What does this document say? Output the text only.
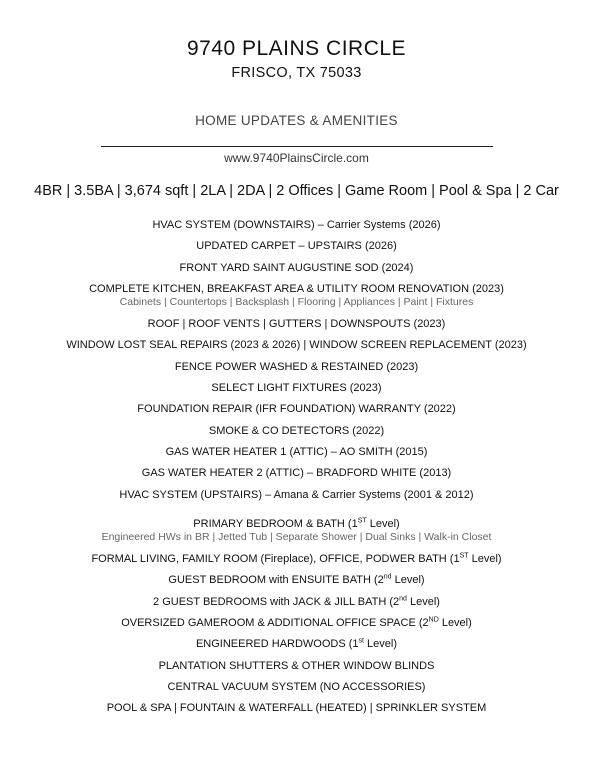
9740 PLAINS CIRCLE
FRISCO, TX 75033
HOME UPDATES & AMENITIES
www.9740PlainsCircle.com
4BR | 3.5BA | 3,674 sqft | 2LA | 2DA | 2 Offices | Game Room | Pool & Spa | 2 Car
HVAC SYSTEM (DOWNSTAIRS) – Carrier Systems (2026)
UPDATED CARPET – UPSTAIRS (2026)
FRONT YARD SAINT AUGUSTINE SOD (2024)
COMPLETE KITCHEN, BREAKFAST AREA & UTILITY ROOM RENOVATION (2023)
Cabinets | Countertops | Backsplash | Flooring | Appliances | Paint | Fixtures
ROOF | ROOF VENTS | GUTTERS | DOWNSPOUTS (2023)
WINDOW LOST SEAL REPAIRS (2023 & 2026) | WINDOW SCREEN REPLACEMENT (2023)
FENCE POWER WASHED & RESTAINED (2023)
SELECT LIGHT FIXTURES (2023)
FOUNDATION REPAIR (IFR FOUNDATION) WARRANTY (2022)
SMOKE & CO DETECTORS (2022)
GAS WATER HEATER 1 (ATTIC) – AO SMITH (2015)
GAS WATER HEATER 2 (ATTIC) – BRADFORD WHITE (2013)
HVAC SYSTEM (UPSTAIRS) – Amana & Carrier Systems (2001 & 2012)
PRIMARY BEDROOM & BATH (1ST Level)
Engineered HWs in BR | Jetted Tub | Separate Shower | Dual Sinks | Walk-in Closet
FORMAL LIVING, FAMILY ROOM (Fireplace), OFFICE, PODWER BATH (1ST Level)
GUEST BEDROOM with ENSUITE BATH (2nd Level)
2 GUEST BEDROOMS with JACK & JILL BATH (2nd Level)
OVERSIZED GAMEROOM & ADDITIONAL OFFICE SPACE (2ND Level)
ENGINEERED HARDWOODS (1st Level)
PLANTATION SHUTTERS & OTHER WINDOW BLINDS
CENTRAL VACUUM SYSTEM (NO ACCESSORIES)
POOL & SPA | FOUNTAIN & WATERFALL (HEATED) | SPRINKLER SYSTEM
